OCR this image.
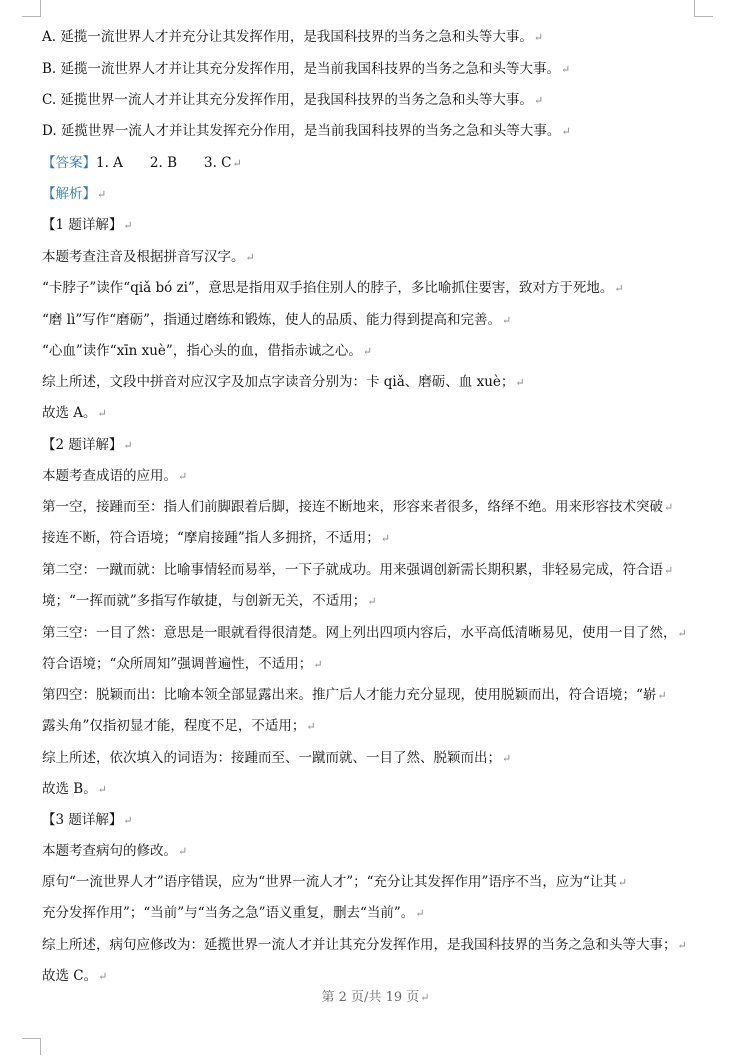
A. 延揽一流世界人才并充分让其发挥作用，是我国科技界的当务之急和头等大事。↵
B. 延揽一流世界人才并让其充分发挥作用，是当前我国科技界的当务之急和头等大事。↵
C. 延揽世界一流人才并让其充分发挥作用，是我国科技界的当务之急和头等大事。↵
D. 延揽世界一流人才并让其发挥充分作用，是当前我国科技界的当务之急和头等大事。↵
【答案】1. A　　2. B　　3. C↵
【解析】↵
【1 题详解】↵
本题考查注音及根据拼音写汉字。↵
“卡脖子”读作“qiǎ bó zi”，意思是指用双手掐住别人的脖子，多比喻抓住要害，致对方于死地。↵
“磨 lì”写作“磨砺”，指通过磨练和锻炼，使人的品质、能力得到提高和完善。↵
“心血”读作“xīn xuè”，指心头的血，借指赤诚之心。↵
综上所述，文段中拼音对应汉字及加点字读音分别为：卡 qiǎ、磨砺、血 xuè；↵
故选 A。↵
【2 题详解】↵
本题考查成语的应用。↵
第一空，接踵而至：指人们前脚跟着后脚，接连不断地来，形容来者很多，络绎不绝。用来形容技术突破↵
接连不断，符合语境；“摩肩接踵”指人多拥挤，不适用；↵
第二空：一蹴而就：比喻事情轻而易举，一下子就成功。用来强调创新需长期积累，非轻易完成，符合语↵
境；“一挥而就”多指写作敏捷，与创新无关，不适用；↵
第三空：一目了然：意思是一眼就看得很清楚。网上列出四项内容后，水平高低清晰易见，使用一目了然，↵
符合语境；“众所周知”强调普遍性，不适用；↵
第四空：脱颖而出：比喻本领全部显露出来。推广后人才能力充分显现，使用脱颖而出，符合语境；“崭↵
露头角”仅指初显才能，程度不足，不适用；↵
综上所述，依次填入的词语为：接踵而至、一蹴而就、一目了然、脱颖而出；↵
故选 B。↵
【3 题详解】↵
本题考查病句的修改。↵
原句“一流世界人才”语序错误，应为“世界一流人才”；“充分让其发挥作用”语序不当，应为“让其↵
充分发挥作用”；“当前”与“当务之急”语义重复，删去“当前”。↵
综上所述，病句应修改为：延揽世界一流人才并让其充分发挥作用，是我国科技界的当务之急和头等大事；↵
故选 C。↵
第 2 页/共 19 页↵
